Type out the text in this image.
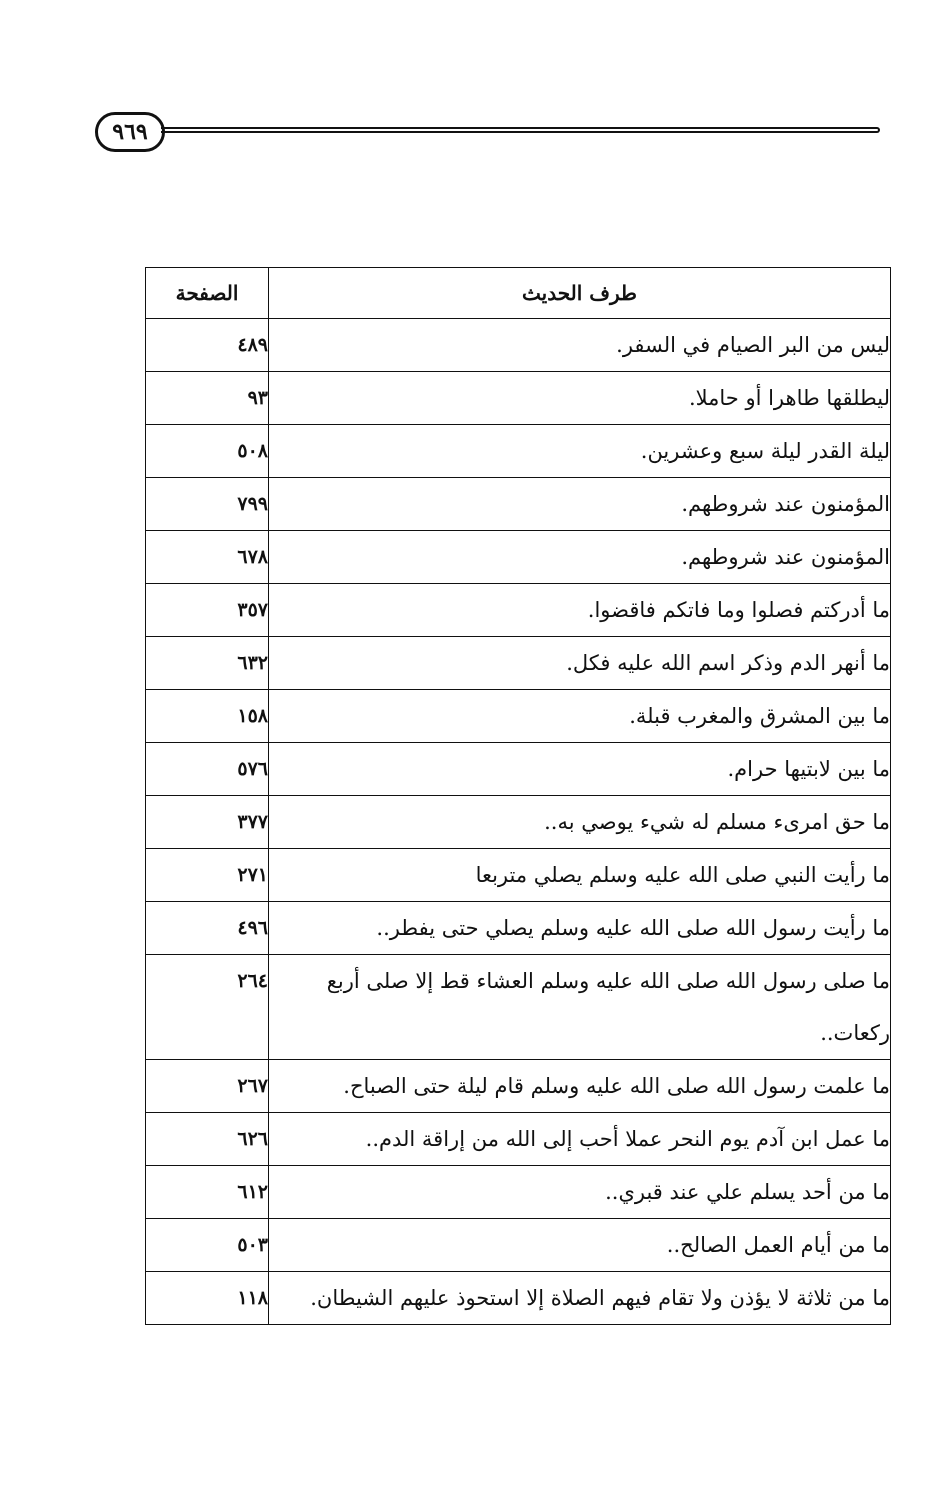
٩٦٩
طرف الحديث	الصفحة
ليس من البر الصيام في السفر.	٤٨٩
ليطلقها طاهرا أو حاملا.	٩٣
ليلة القدر ليلة سبع وعشرين.	٥٠٨
المؤمنون عند شروطهم.	٧٩٩
المؤمنون عند شروطهم.	٦٧٨
ما أدركتم فصلوا وما فاتكم فاقضوا.	٣٥٧
ما أنهر الدم وذكر اسم الله عليه فكل.	٦٣٢
ما بين المشرق والمغرب قبلة.	١٥٨
ما بين لابتيها حرام.	٥٧٦
ما حق امرىء مسلم له شيء يوصي به..	٣٧٧
ما رأيت النبي صلى الله عليه وسلم يصلي متربعا	٢٧١
ما رأيت رسول الله صلى الله عليه وسلم يصلي حتى يفطر..	٤٩٦
ما صلى رسول الله صلى الله عليه وسلم العشاء قط إلا صلى أربع ركعات..	٢٦٤
ما علمت رسول الله صلى الله عليه وسلم قام ليلة حتى الصباح.	٢٦٧
ما عمل ابن آدم يوم النحر عملا أحب إلى الله من إراقة الدم..	٦٢٦
ما من أحد يسلم علي عند قبري..	٦١٢
ما من أيام العمل الصالح..	٥٠٣
ما من ثلاثة لا يؤذن ولا تقام فيهم الصلاة إلا استحوذ عليهم الشيطان.	١١٨
